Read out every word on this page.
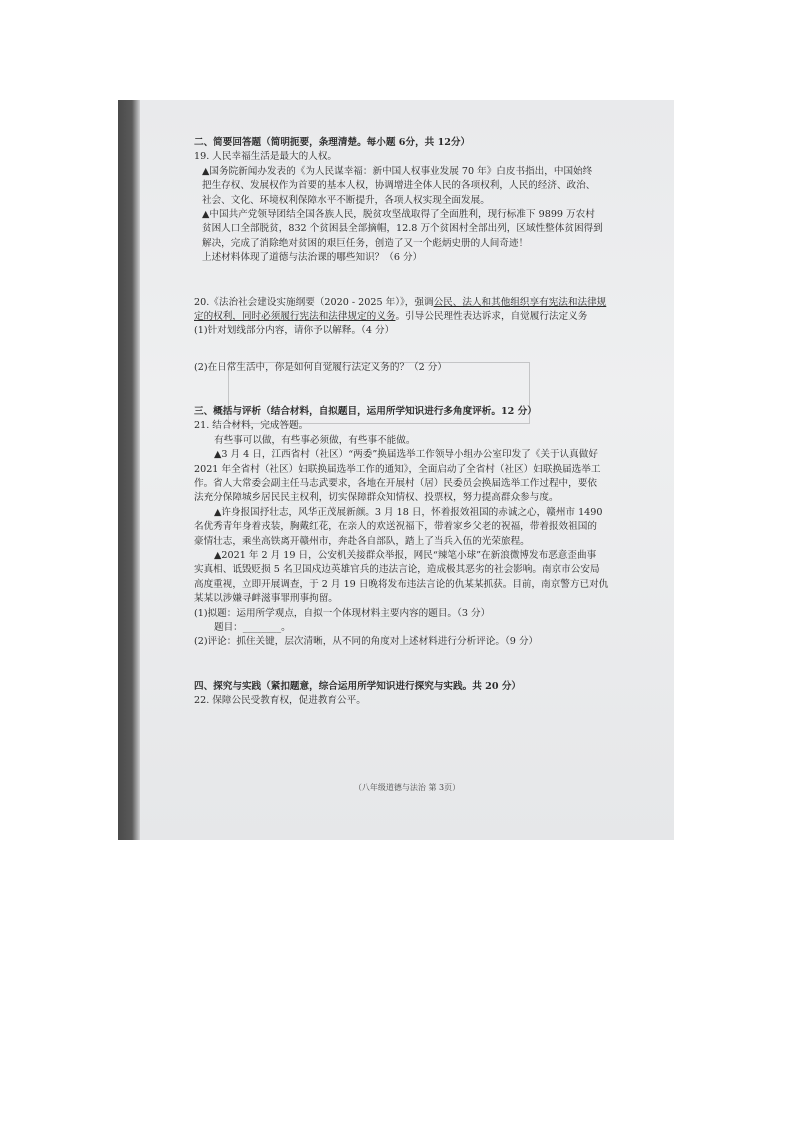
二、简要回答题（简明扼要，条理清楚。每小题 6分，共 12分）
19. 人民幸福生活是最大的人权。
▲国务院新闻办发表的《为人民谋幸福：新中国人权事业发展 70 年》白皮书指出，中国始终
把生存权、发展权作为首要的基本人权，协调增进全体人民的各项权利，人民的经济、政治、
社会、文化、环境权利保障水平不断提升，各项人权实现全面发展。
▲中国共产党领导团结全国各族人民，脱贫攻坚战取得了全面胜利，现行标准下 9899 万农村
贫困人口全部脱贫，832 个贫困县全部摘帽，12.8 万个贫困村全部出列，区域性整体贫困得到
解决，完成了消除绝对贫困的艰巨任务，创造了又一个彪炳史册的人间奇迹！
上述材料体现了道德与法治课的哪些知识？（6 分）
20.《法治社会建设实施纲要（2020 - 2025 年）》，强调公民、法人和其他组织享有宪法和法律规
定的权利，同时必须履行宪法和法律规定的义务。引导公民理性表达诉求，自觉履行法定义务
(1)针对划线部分内容，请你予以解释。（4 分）
(2)在日常生活中，你是如何自觉履行法定义务的？（2 分）
三、概括与评析（结合材料，自拟题目，运用所学知识进行多角度评析。12 分）
21. 结合材料，完成答题。
有些事可以做，有些事必须做，有些事不能做。
▲3 月 4 日，江西省村（社区）“两委”换届选举工作领导小组办公室印发了《关于认真做好
2021 年全省村（社区）妇联换届选举工作的通知》，全面启动了全省村（社区）妇联换届选举工
作。省人大常委会副主任马志武要求，各地在开展村（居）民委员会换届选举工作过程中，要依
法充分保障城乡居民民主权利，切实保障群众知情权、投票权，努力提高群众参与度。
▲许身报国抒壮志，风华正茂展新颜。3 月 18 日，怀着报效祖国的赤诚之心，赣州市 1490
名优秀青年身着戎装，胸戴红花，在亲人的欢送祝福下，带着家乡父老的祝福，带着报效祖国的
豪情壮志，乘坐高铁离开赣州市，奔赴各自部队，踏上了当兵入伍的光荣旅程。
▲2021 年 2 月 19 日，公安机关接群众举报，网民“辣笔小球”在新浪微博发布恶意歪曲事
实真相、诋毁贬损 5 名卫国戍边英雄官兵的违法言论，造成极其恶劣的社会影响。南京市公安局
高度重视，立即开展调查，于 2 月 19 日晚将发布违法言论的仇某某抓获。目前，南京警方已对仇
某某以涉嫌寻衅滋事罪刑事拘留。
(1)拟题：运用所学观点，自拟一个体现材料主要内容的题目。（3 分）
题目：________。
(2)评论：抓住关键，层次清晰，从不同的角度对上述材料进行分析评论。（9 分）
四、探究与实践（紧扣题意，综合运用所学知识进行探究与实践。共 20 分）
22. 保障公民受教育权，促进教育公平。
（八年级道德与法治 第 3页）
